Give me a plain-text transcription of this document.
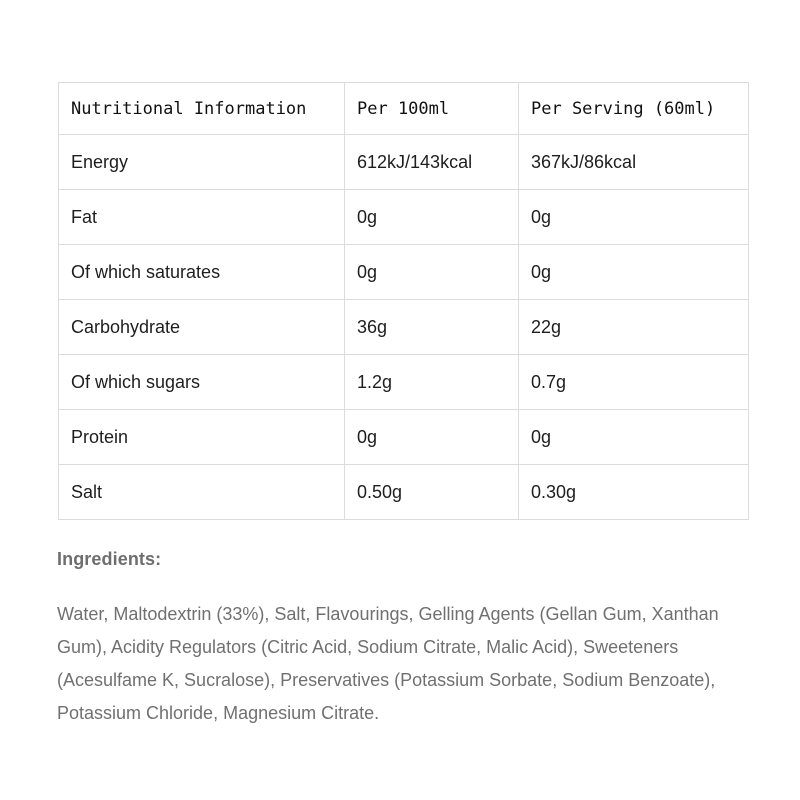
Nutritional Information	Per 100ml	Per Serving (60ml)
Energy	612kJ/143kcal	367kJ/86kcal
Fat	0g	0g
Of which saturates	0g	0g
Carbohydrate	36g	22g
Of which sugars	1.2g	0.7g
Protein	0g	0g
Salt	0.50g	0.30g
Ingredients:

Water, Maltodextrin (33%), Salt, Flavourings, Gelling Agents (Gellan Gum, Xanthan Gum), Acidity Regulators (Citric Acid, Sodium Citrate, Malic Acid), Sweeteners (Acesulfame K, Sucralose), Preservatives (Potassium Sorbate, Sodium Benzoate), Potassium Chloride, Magnesium Citrate.
